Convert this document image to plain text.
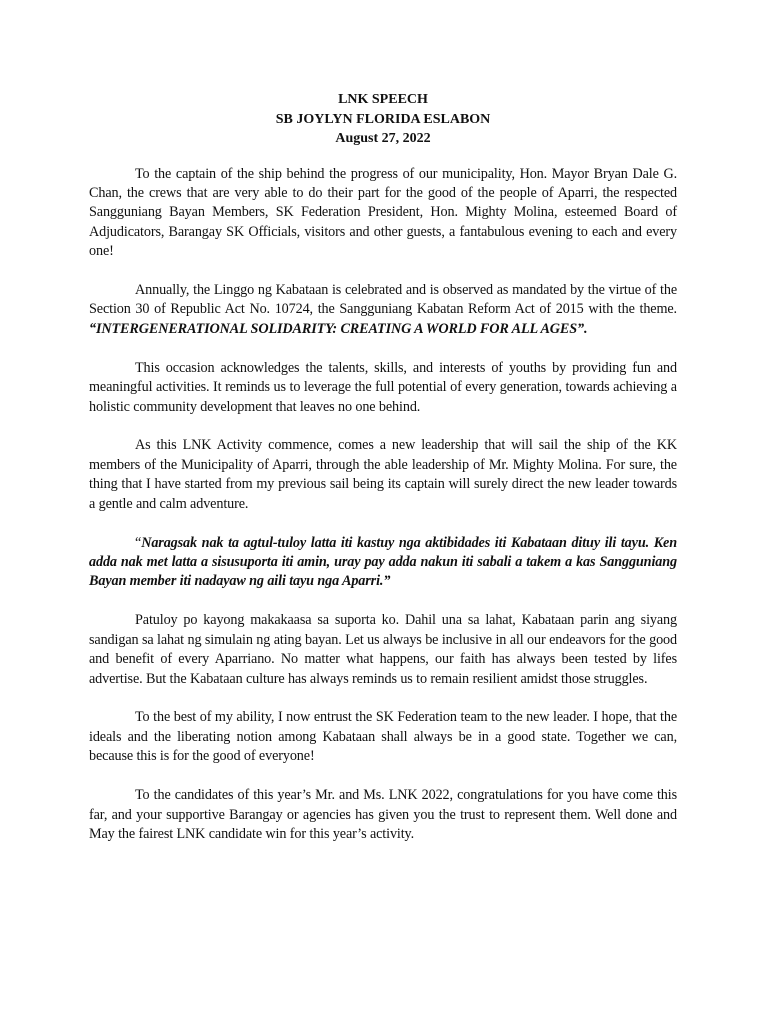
LNK SPEECH
SB JOYLYN FLORIDA ESLABON
August 27, 2022

To the captain of the ship behind the progress of our municipality, Hon. Mayor Bryan Dale G. Chan, the crews that are very able to do their part for the good of the people of Aparri, the respected Sangguniang Bayan Members, SK Federation President, Hon. Mighty Molina, esteemed Board of Adjudicators, Barangay SK Officials, visitors and other guests, a fantabulous evening to each and every one!

Annually, the Linggo ng Kabataan is celebrated and is observed as mandated by the virtue of the Section 30 of Republic Act No. 10724, the Sangguniang Kabatan Reform Act of 2015 with the theme. “INTERGENERATIONAL SOLIDARITY: CREATING A WORLD FOR ALL AGES”.

This occasion acknowledges the talents, skills, and interests of youths by providing fun and meaningful activities. It reminds us to leverage the full potential of every generation, towards achieving a holistic community development that leaves no one behind.

As this LNK Activity commence, comes a new leadership that will sail the ship of the KK members of the Municipality of Aparri, through the able leadership of Mr. Mighty Molina. For sure, the thing that I have started from my previous sail being its captain will surely direct the new leader towards a gentle and calm adventure.

“Naragsak nak ta agtul-tuloy latta iti kastuy nga aktibidades iti Kabataan dituy ili tayu. Ken adda nak met latta a sisusuporta iti amin, uray pay adda nakun iti sabali a takem a kas Sangguniang Bayan member iti nadayaw ng aili tayu nga Aparri.”

Patuloy po kayong makakaasa sa suporta ko. Dahil una sa lahat, Kabataan parin ang siyang sandigan sa lahat ng simulain ng ating bayan. Let us always be inclusive in all our endeavors for the good and benefit of every Aparriano. No matter what happens, our faith has always been tested by lifes advertise. But the Kabataan culture has always reminds us to remain resilient amidst those struggles.

To the best of my ability, I now entrust the SK Federation team to the new leader. I hope, that the ideals and the liberating notion among Kabataan shall always be in a good state. Together we can, because this is for the good of everyone!

To the candidates of this year’s Mr. and Ms. LNK 2022, congratulations for you have come this far, and your supportive Barangay or agencies has given you the trust to represent them. Well done and May the fairest LNK candidate win for this year’s activity.
